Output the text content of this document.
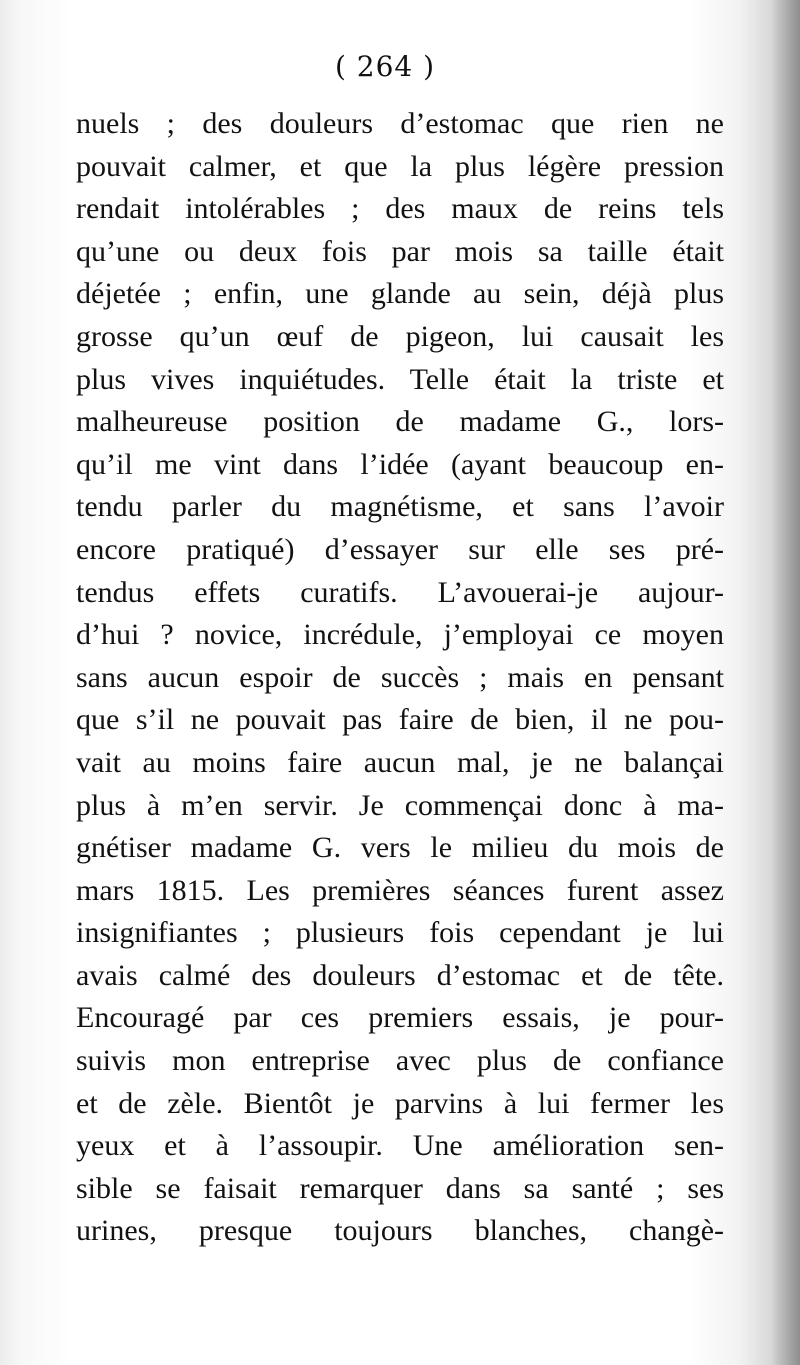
( 264 )
nuels ; des douleurs d’estomac que rien ne
pouvait calmer, et que la plus légère pression
rendait intolérables ; des maux de reins tels
qu’une ou deux fois par mois sa taille était
déjetée ; enfin, une glande au sein, déjà plus
grosse qu’un œuf de pigeon, lui causait les
plus vives inquiétudes. Telle était la triste et
malheureuse position de madame G., lors-
qu’il me vint dans l’idée (ayant beaucoup en-
tendu parler du magnétisme, et sans l’avoir
encore pratiqué) d’essayer sur elle ses pré-
tendus effets curatifs. L’avouerai-je aujour-
d’hui ? novice, incrédule, j’employai ce moyen
sans aucun espoir de succès ; mais en pensant
que s’il ne pouvait pas faire de bien, il ne pou-
vait au moins faire aucun mal, je ne balançai
plus à m’en servir. Je commençai donc à ma-
gnétiser madame G. vers le milieu du mois de
mars 1815. Les premières séances furent assez
insignifiantes ; plusieurs fois cependant je lui
avais calmé des douleurs d’estomac et de tête.
Encouragé par ces premiers essais, je pour-
suivis mon entreprise avec plus de confiance
et de zèle. Bientôt je parvins à lui fermer les
yeux et à l’assoupir. Une amélioration sen-
sible se faisait remarquer dans sa santé ; ses
urines, presque toujours blanches, changè-
